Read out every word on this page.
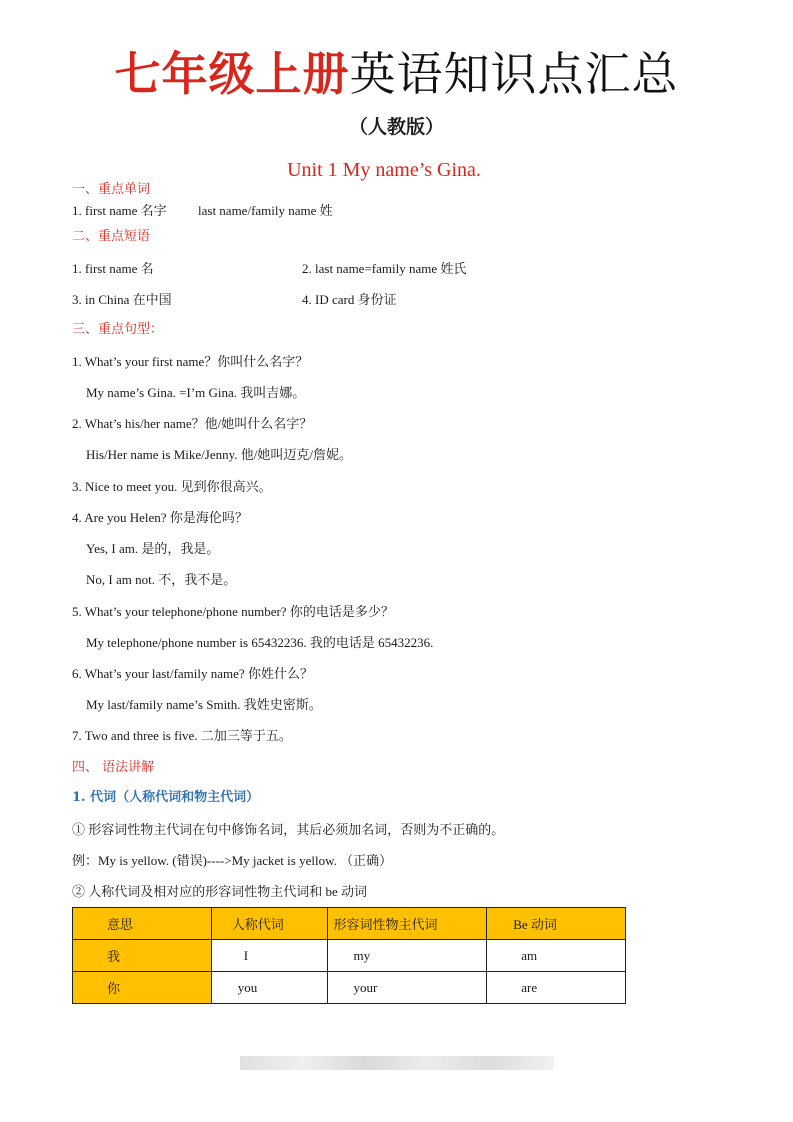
七年级上册英语知识点汇总
（人教版）
Unit 1 My name’s Gina.
一、重点单词
1. first name 名字 last name/family name 姓
二、重点短语
1. first name 名	2. last name=family name 姓氏
3. in China 在中国	4. ID card 身份证
三、重点句型：
1. What’s your first name？你叫什么名字？
My name’s Gina. =I’m Gina. 我叫吉娜。
2. What’s his/her name？他/她叫什么名字？
His/Her name is Mike/Jenny. 他/她叫迈克/詹妮。
3. Nice to meet you. 见到你很高兴。
4. Are you Helen? 你是海伦吗？
Yes, I am. 是的，我是。
No, I am not. 不，我不是。
5. What’s your telephone/phone number? 你的电话是多少？
My telephone/phone number is 65432236. 我的电话是 65432236.
6. What’s your last/family name? 你姓什么？
My last/family name’s Smith. 我姓史密斯。
7. Two and three is five. 二加三等于五。
四、 语法讲解
1. 代词（人称代词和物主代词）
① 形容词性物主代词在句中修饰名词，其后必须加名词，否则为不正确的。
例：My is yellow. (错误)---->My jacket is yellow. （正确）
② 人称代词及相对应的形容词性物主代词和 be 动词
意思	人称代词	形容词性物主代词	Be 动词
我	I	my	am
你	you	your	are
